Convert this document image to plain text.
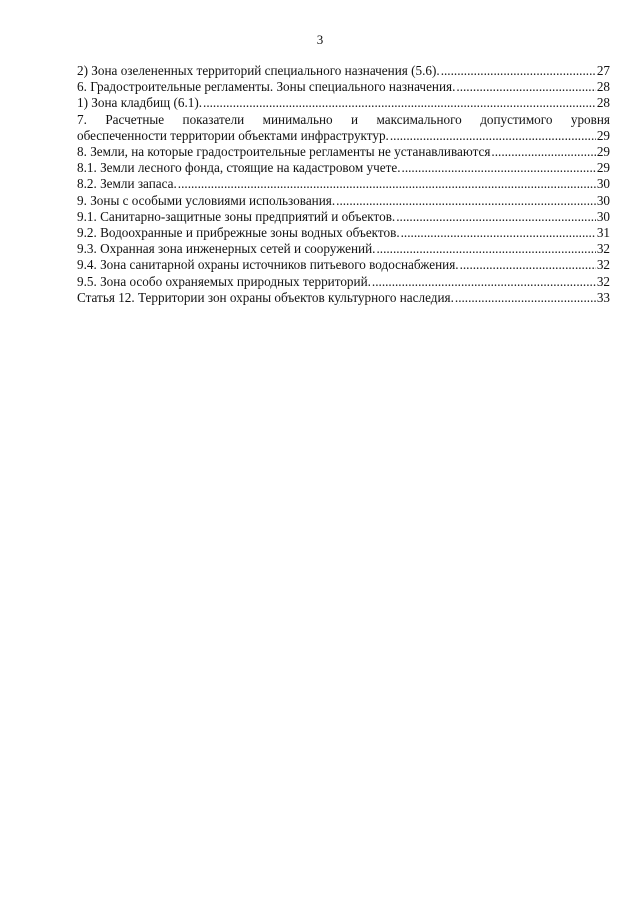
3
2) Зона озелененных территорий специального назначения (5.6). .....	27
6. Градостроительные регламенты. Зоны специального назначения. .....	28
1) Зона кладбищ (6.1). .....	28
7. Расчетные показатели минимально и максимального допустимого уровня
обеспеченности территории объектами инфраструктур. .....	29
8. Земли, на которые градостроительные регламенты не устанавливаются .....	29
8.1. Земли лесного фонда, стоящие на кадастровом учете. .....	29
8.2. Земли запаса. .....	30
9. Зоны с особыми условиями использования. .....	30
9.1. Санитарно-защитные зоны предприятий и объектов. .....	30
9.2. Водоохранные и прибрежные зоны водных объектов. .....	31
9.3. Охранная зона инженерных сетей и сооружений. .....	32
9.4. Зона санитарной охраны источников питьевого водоснабжения. .....	32
9.5. Зона особо охраняемых природных территорий. .....	32
Статья 12. Территории зон охраны объектов культурного наследия. .....	33
